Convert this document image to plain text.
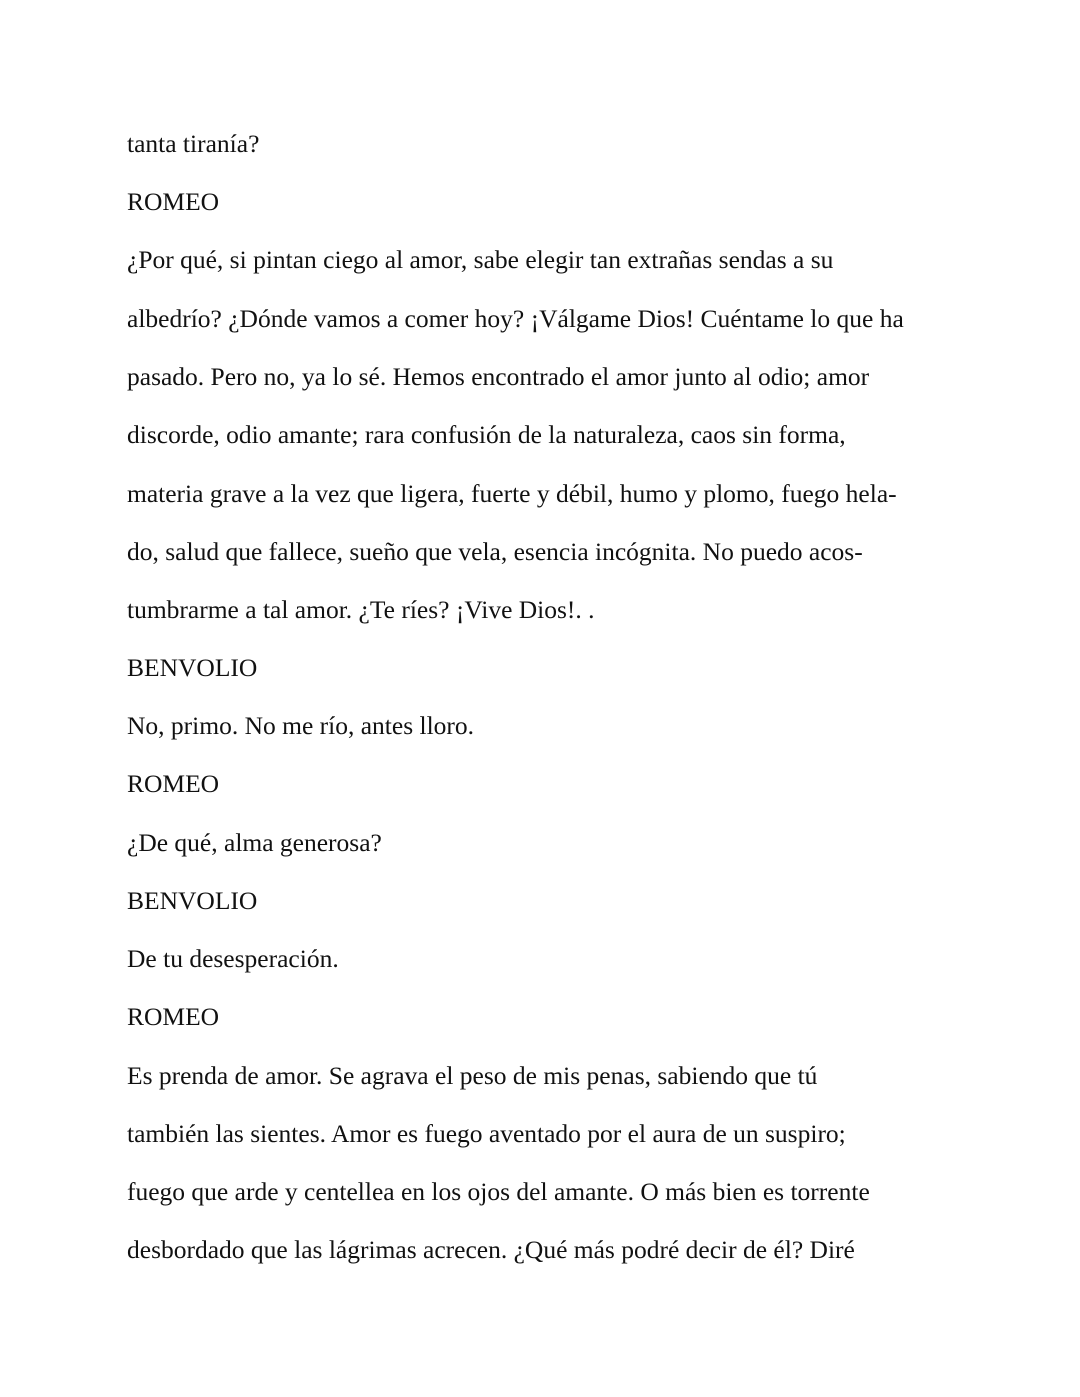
tanta tiranía?

ROMEO

¿Por qué, si pintan ciego al amor, sabe elegir tan extrañas sendas a su

albedrío? ¿Dónde vamos a comer hoy? ¡Válgame Dios! Cuéntame lo que ha

pasado. Pero no, ya lo sé. Hemos encontrado el amor junto al odio; amor

discorde, odio amante; rara confusión de la naturaleza, caos sin forma,

materia grave a la vez que ligera, fuerte y débil, humo y plomo, fuego hela-

do, salud que fallece, sueño que vela, esencia incógnita. No puedo acos-

tumbrarme a tal amor. ¿Te ríes? ¡Vive Dios!. .

BENVOLIO

No, primo. No me río, antes lloro.

ROMEO

¿De qué, alma generosa?

BENVOLIO

De tu desesperación.

ROMEO

Es prenda de amor. Se agrava el peso de mis penas, sabiendo que tú

también las sientes. Amor es fuego aventado por el aura de un suspiro;

fuego que arde y centellea en los ojos del amante. O más bien es torrente

desbordado que las lágrimas acrecen. ¿Qué más podré decir de él? Diré
